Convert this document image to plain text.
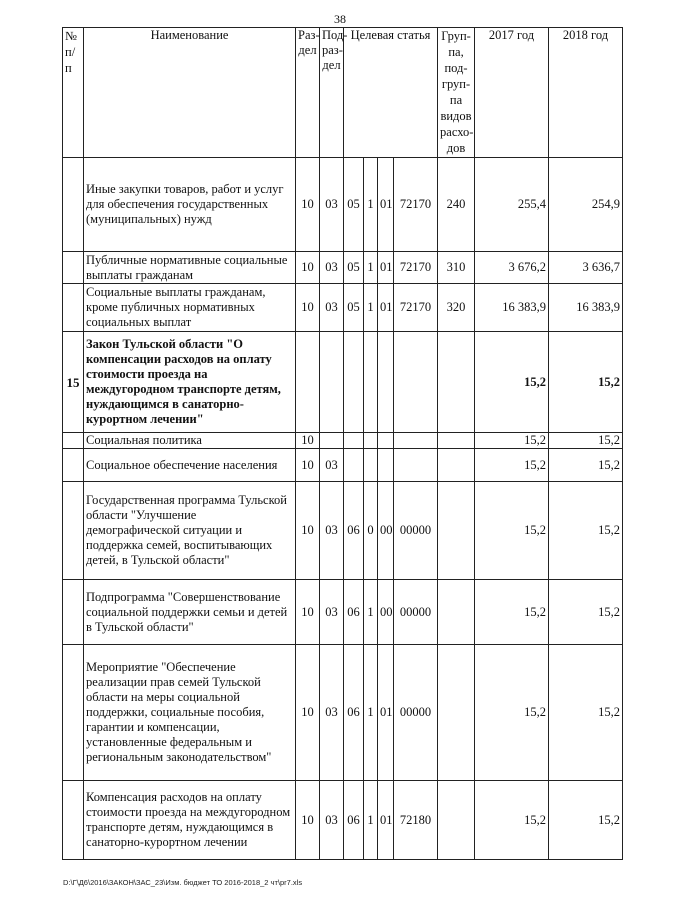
38
№ п/ п	Наименование	Раз- дел	Под- раз- дел	Целевая статья				Груп- па, под- груп- па видов расхо- дов	2017 год	2018 год
	Иные закупки товаров, работ и услуг для обеспечения государственных (муниципальных) нужд	10	03	05	1	01	72170	240	255,4	254,9
	Публичные нормативные социальные выплаты гражданам	10	03	05	1	01	72170	310	3 676,2	3 636,7
	Социальные выплаты гражданам, кроме публичных нормативных социальных выплат	10	03	05	1	01	72170	320	16 383,9	16 383,9
15	Закон Тульской области "О компенсации расходов на оплату стоимости проезда на междугородном транспорте детям, нуждающимся в санаторно-курортном лечении"								15,2	15,2
	Социальная политика	10							15,2	15,2
	Социальное обеспечение населения	10	03						15,2	15,2
	Государственная программа Тульской области "Улучшение демографической ситуации и поддержка семей, воспитывающих детей, в Тульской области"	10	03	06	0	00	00000		15,2	15,2
	Подпрограмма "Совершенствование социальной поддержки семьи и детей в Тульской области"	10	03	06	1	00	00000		15,2	15,2
	Мероприятие "Обеспечение реализации прав семей Тульской области на меры социальной поддержки, социальные пособия, гарантии и компенсации, установленные федеральным и региональным законодательством"	10	03	06	1	01	00000		15,2	15,2
	Компенсация расходов на оплату стоимости проезда на междугородном транспорте детям, нуждающимся в санаторно-курортном лечении	10	03	06	1	01	72180		15,2	15,2
D:\Г\Д6\2016\ЗАКОН\ЗАС_23\Изм. бюджет ТО 2016-2018_2 чт\pr7.xls
